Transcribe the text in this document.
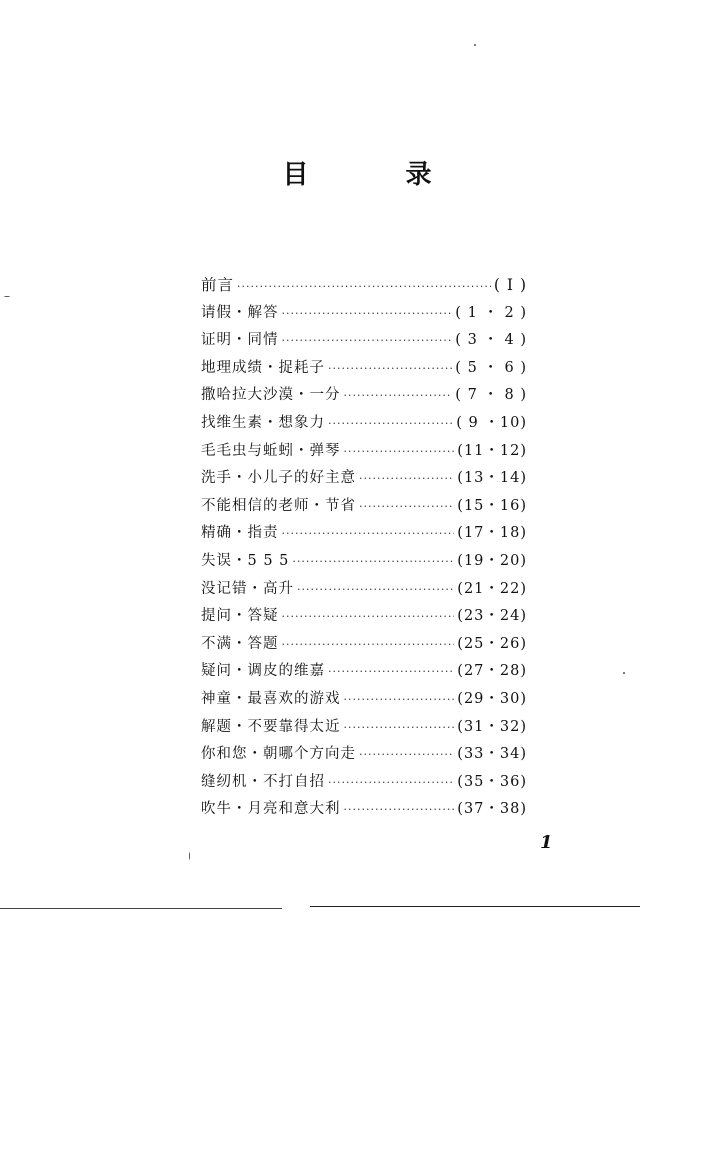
目 录
前言 ·····	( I )
请假・解答 ·····	( 1 ・ 2 )
证明・同情 ·····	( 3 ・ 4 )
地理成绩・捉耗子 ·····	( 5 ・ 6 )
撒哈拉大沙漠・一分 ·····	( 7 ・ 8 )
找维生素・想象力 ·····	( 9 ・10)
毛毛虫与蚯蚓・弹琴 ·····	(11・12)
洗手・小儿子的好主意 ·····	(13・14)
不能相信的老师・节省 ·····	(15・16)
精确・指责 ·····	(17・18)
失误・5 5 5 ·····	(19・20)
没记错・高升 ·····	(21・22)
提问・答疑 ·····	(23・24)
不满・答题 ·····	(25・26)
疑问・调皮的维嘉 ·····	(27・28)
神童・最喜欢的游戏 ·····	(29・30)
解题・不要靠得太近 ·····	(31・32)
你和您・朝哪个方向走 ·····	(33・34)
缝纫机・不打自招 ·····	(35・36)
吹牛・月亮和意大利 ·····	(37・38)
1
